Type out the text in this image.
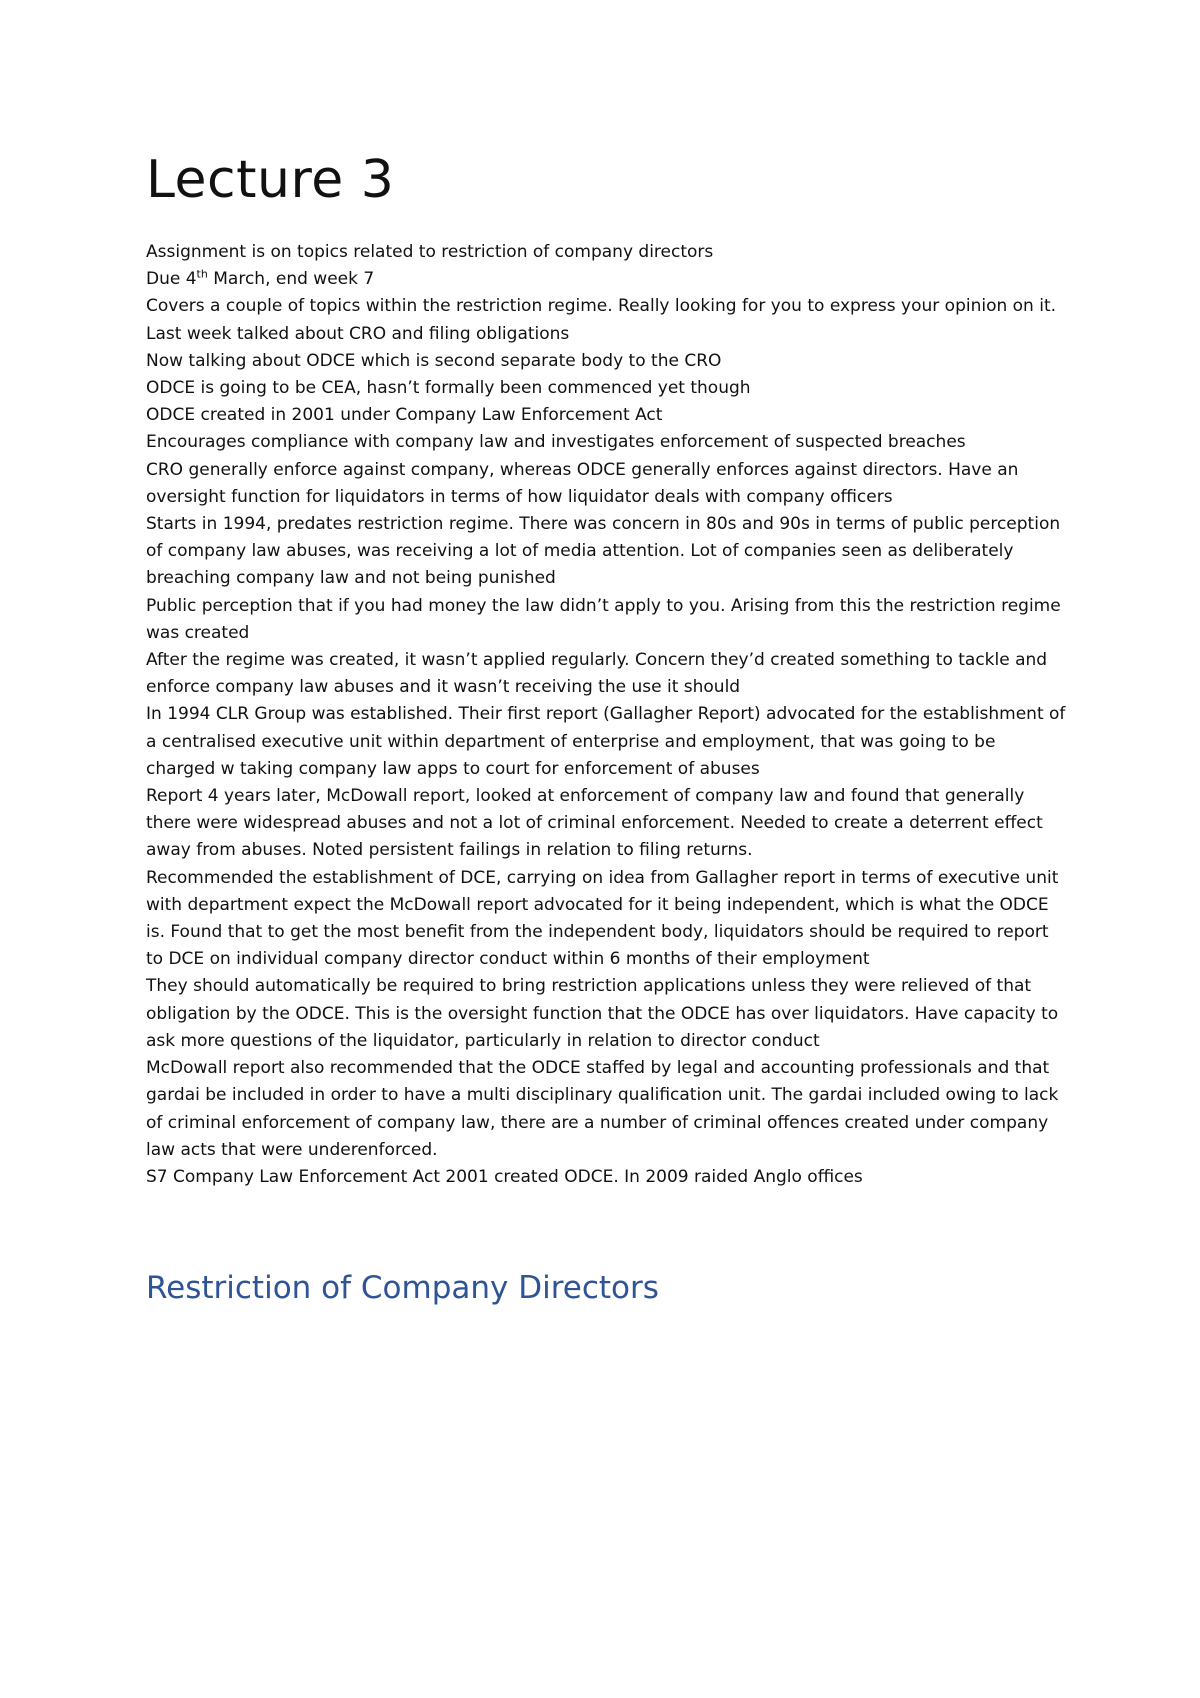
Lecture 3

Assignment is on topics related to restriction of company directors

Due 4th March, end week 7

Covers a couple of topics within the restriction regime. Really looking for you to express your opinion on it.

Last week talked about CRO and filing obligations

Now talking about ODCE which is second separate body to the CRO

ODCE is going to be CEA, hasn’t formally been commenced yet though

ODCE created in 2001 under Company Law Enforcement Act

Encourages compliance with company law and investigates enforcement of suspected breaches

CRO generally enforce against company, whereas ODCE generally enforces against directors. Have an oversight function for liquidators in terms of how liquidator deals with company officers

Starts in 1994, predates restriction regime. There was concern in 80s and 90s in terms of public perception of company law abuses, was receiving a lot of media attention. Lot of companies seen as deliberately breaching company law and not being punished

Public perception that if you had money the law didn’t apply to you. Arising from this the restriction regime was created

After the regime was created, it wasn’t applied regularly. Concern they’d created something to tackle and enforce company law abuses and it wasn’t receiving the use it should

In 1994 CLR Group was established. Their first report (Gallagher Report) advocated for the establishment of a centralised executive unit within department of enterprise and employment, that was going to be charged w taking company law apps to court for enforcement of abuses

Report 4 years later, McDowall report, looked at enforcement of company law and found that generally there were widespread abuses and not a lot of criminal enforcement. Needed to create a deterrent effect away from abuses. Noted persistent failings in relation to filing returns.

Recommended the establishment of DCE, carrying on idea from Gallagher report in terms of executive unit with department expect the McDowall report advocated for it being independent, which is what the ODCE is. Found that to get the most benefit from the independent body, liquidators should be required to report to DCE on individual company director conduct within 6 months of their employment

They should automatically be required to bring restriction applications unless they were relieved of that obligation by the ODCE. This is the oversight function that the ODCE has over liquidators. Have capacity to ask more questions of the liquidator, particularly in relation to director conduct

McDowall report also recommended that the ODCE staffed by legal and accounting professionals and that gardai be included in order to have a multi disciplinary qualification unit. The gardai included owing to lack of criminal enforcement of company law, there are a number of criminal offences created under company law acts that were underenforced.

S7 Company Law Enforcement Act 2001 created ODCE. In 2009 raided Anglo offices

Restriction of Company Directors
